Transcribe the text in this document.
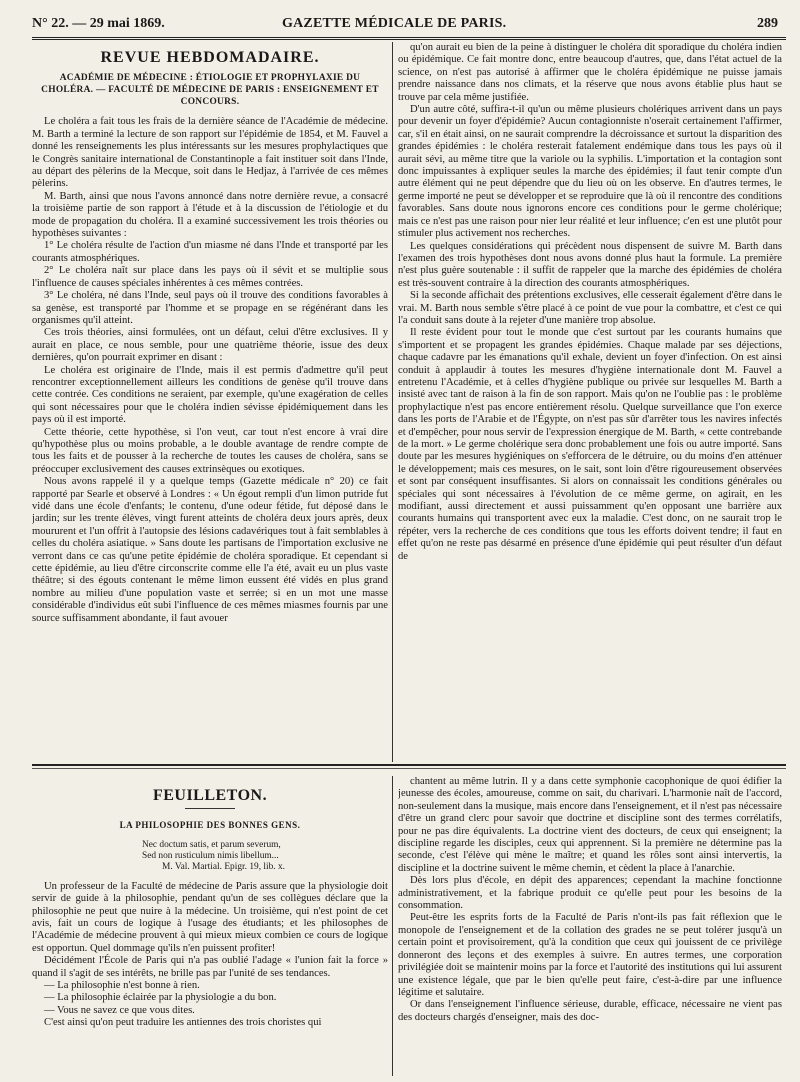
N° 22. — 29 mai 1869.	GAZETTE MÉDICALE DE PARIS.	289
REVUE HEBDOMADAIRE.
ACADÉMIE DE MÉDECINE : ÉTIOLOGIE ET PROPHYLAXIE DU CHOLÉRA. — FACULTÉ DE MÉDECINE DE PARIS : ENSEIGNEMENT ET CONCOURS.

Le choléra a fait tous les frais de la dernière séance de l'Académie de médecine. M. Barth a terminé la lecture de son rapport sur l'épidémie de 1854, et M. Fauvel a donné les renseignements les plus intéressants sur les mesures prophylactiques que le Congrès sanitaire international de Constantinople a fait instituer soit dans l'Inde, au départ des pèlerins de la Mecque, soit dans le Hedjaz, à l'arrivée de ces mêmes pèlerins.

M. Barth, ainsi que nous l'avons annoncé dans notre dernière revue, a consacré la troisième partie de son rapport à l'étude et à la discussion de l'étiologie et du mode de propagation du choléra. Il a examiné successivement les trois théories ou hypothèses suivantes :

1° Le choléra résulte de l'action d'un miasme né dans l'Inde et transporté par les courants atmosphériques.

2° Le choléra naît sur place dans les pays où il sévit et se multiplie sous l'influence de causes spéciales inhérentes à ces mêmes contrées.

3° Le choléra, né dans l'Inde, seul pays où il trouve des conditions favorables à sa genèse, est transporté par l'homme et se propage en se régénérant dans les organismes qu'il atteint.

Ces trois théories, ainsi formulées, ont un défaut, celui d'être exclusives. Il y aurait en place, ce nous semble, pour une quatrième théorie, issue des deux dernières, qu'on pourrait exprimer en disant :

Le choléra est originaire de l'Inde, mais il est permis d'admettre qu'il peut rencontrer exceptionnellement ailleurs les conditions de genèse qu'il trouve dans cette contrée. Ces conditions ne seraient, par exemple, qu'une exagération de celles qui sont nécessaires pour que le choléra indien sévisse épidémiquement dans les pays où il est importé.

Cette théorie, cette hypothèse, si l'on veut, car tout n'est encore à vrai dire qu'hypothèse plus ou moins probable, a le double avantage de rendre compte de tous les faits et de pousser à la recherche de toutes les causes de choléra, sans se préoccuper exclusivement des causes extrinsèques ou exotiques.

Nous avons rappelé il y a quelque temps (Gazette médicale n° 20) ce fait rapporté par Searle et observé à Londres : « Un égout rempli d'un limon putride fut vidé dans une école d'enfants; le contenu, d'une odeur fétide, fut déposé dans le jardin; sur les trente élèves, vingt furent atteints de choléra deux jours après, deux moururent et l'un offrit à l'autopsie des lésions cadavériques tout à fait semblables à celles du choléra asiatique. » Sans doute les partisans de l'importation exclusive ne verront dans ce cas qu'une petite épidémie de choléra sporadique. Et cependant si cette épidémie, au lieu d'être circonscrite comme elle l'a été, avait eu un plus vaste théâtre; si des égouts contenant le même limon eussent été vidés en plus grand nombre au milieu d'une population vaste et serrée; si en un mot une masse considérable d'individus eût subi l'influence de ces mêmes miasmes fournis par une source suffisamment abondante, il faut avouer

qu'on aurait eu bien de la peine à distinguer le choléra dit sporadique du choléra indien ou épidémique. Ce fait montre donc, entre beaucoup d'autres, que, dans l'état actuel de la science, on n'est pas autorisé à affirmer que le choléra épidémique ne puisse jamais prendre naissance dans nos climats, et la réserve que nous avons établie plus haut se trouve par cela même justifiée.

D'un autre côté, suffira-t-il qu'un ou même plusieurs cholériques arrivent dans un pays pour devenir un foyer d'épidémie? Aucun contagionniste n'oserait certainement l'affirmer, car, s'il en était ainsi, on ne saurait comprendre la décroissance et surtout la disparition des grandes épidémies : le choléra resterait fatalement endémique dans tous les pays où il aurait sévi, au même titre que la variole ou la syphilis. L'importation et la contagion sont donc impuissantes à expliquer seules la marche des épidémies; il faut tenir compte d'un autre élément qui ne peut dépendre que du lieu où on les observe. En d'autres termes, le germe importé ne peut se développer et se reproduire que là où il rencontre des conditions favorables. Sans doute nous ignorons encore ces conditions pour le germe cholérique; mais ce n'est pas une raison pour nier leur réalité et leur influence; c'en est une plutôt pour stimuler plus activement nos recherches.

Les quelques considérations qui précèdent nous dispensent de suivre M. Barth dans l'examen des trois hypothèses dont nous avons donné plus haut la formule. La première n'est plus guère soutenable : il suffit de rappeler que la marche des épidémies de choléra est très-souvent contraire à la direction des courants atmosphériques.

Si la seconde affichait des prétentions exclusives, elle cesserait également d'être dans le vrai. M. Barth nous semble s'être placé à ce point de vue pour la combattre, et c'est ce qui l'a conduit sans doute à la rejeter d'une manière trop absolue.

Il reste évident pour tout le monde que c'est surtout par les courants humains que s'importent et se propagent les grandes épidémies. Chaque malade par ses déjections, chaque cadavre par les émanations qu'il exhale, devient un foyer d'infection. On est ainsi conduit à applaudir à toutes les mesures d'hygiène internationale dont M. Fauvel a entretenu l'Académie, et à celles d'hygiène publique ou privée sur lesquelles M. Barth a insisté avec tant de raison à la fin de son rapport. Mais qu'on ne l'oublie pas : le problème prophylactique n'est pas encore entièrement résolu. Quelque surveillance que l'on exerce dans les ports de l'Arabie et de l'Égypte, on n'est pas sûr d'arrêter tous les navires infectés et d'empêcher, pour nous servir de l'expression énergique de M. Barth, « cette contrebande de la mort. » Le germe cholérique sera donc probablement une fois ou autre importé. Sans doute par les mesures hygiéniques on s'efforcera de le détruire, ou du moins d'en atténuer le développement; mais ces mesures, on le sait, sont loin d'être rigoureusement observées et sont par conséquent insuffisantes. Si alors on connaissait les conditions générales ou spéciales qui sont nécessaires à l'évolution de ce même germe, on agirait, en les modifiant, aussi directement et aussi puissamment qu'en opposant une barrière aux courants humains qui transportent avec eux la maladie. C'est donc, on ne saurait trop le répéter, vers la recherche de ces conditions que tous les efforts doivent tendre; il faut en effet qu'on ne reste pas désarmé en présence d'une épidémie qui peut résulter d'un défaut de

FEUILLETON.
LA PHILOSOPHIE DES BONNES GENS.
Nec doctum satis, et parum severum,
Sed non rusticulum nimis libellum...
M. Val. Martial. Epigr. 19, lib. x.

Un professeur de la Faculté de médecine de Paris assure que la physiologie doit servir de guide à la philosophie, pendant qu'un de ses collègues déclare que la philosophie ne peut que nuire à la médecine. Un troisième, qui n'est point de cet avis, fait un cours de logique à l'usage des étudiants; et les philosophes de l'Académie de médecine prouvent à qui mieux mieux combien ce cours de logique est opportun. Quel dommage qu'ils n'en puissent profiter!

Décidément l'École de Paris qui n'a pas oublié l'adage « l'union fait la force » quand il s'agit de ses intérêts, ne brille pas par l'unité de ses tendances.

— La philosophie n'est bonne à rien.

— La philosophie éclairée par la physiologie a du bon.

— Vous ne savez ce que vous dites.

C'est ainsi qu'on peut traduire les antiennes des trois choristes qui

chantent au même lutrin. Il y a dans cette symphonie cacophonique de quoi édifier la jeunesse des écoles, amoureuse, comme on sait, du charivari. L'harmonie naît de l'accord, non-seulement dans la musique, mais encore dans l'enseignement, et il n'est pas nécessaire d'être un grand clerc pour savoir que doctrine et discipline sont des termes corrélatifs, pour ne pas dire équivalents. La doctrine vient des docteurs, de ceux qui enseignent; la discipline regarde les disciples, ceux qui apprennent. Si la première ne détermine pas la seconde, c'est l'élève qui mène le maître; et quand les rôles sont ainsi intervertis, la discipline et la doctrine suivent le même chemin, et cèdent la place à l'anarchie.

Dès lors plus d'école, en dépit des apparences; cependant la machine fonctionne administrativement, et la fabrique produit ce qu'elle peut pour les besoins de la consommation.

Peut-être les esprits forts de la Faculté de Paris n'ont-ils pas fait réflexion que le monopole de l'enseignement et de la collation des grades ne se peut tolérer jusqu'à un certain point et provisoirement, qu'à la condition que ceux qui jouissent de ce privilège donneront des leçons et des exemples à suivre. En autres termes, une corporation privilégiée doit se maintenir moins par la force et l'autorité des institutions qui lui assurent une existence légale, que par le bien qu'elle peut faire, c'est-à-dire par une influence légitime et salutaire.

Or dans l'enseignement l'influence sérieuse, durable, efficace, nécessaire ne vient pas des docteurs chargés d'enseigner, mais des doc-
